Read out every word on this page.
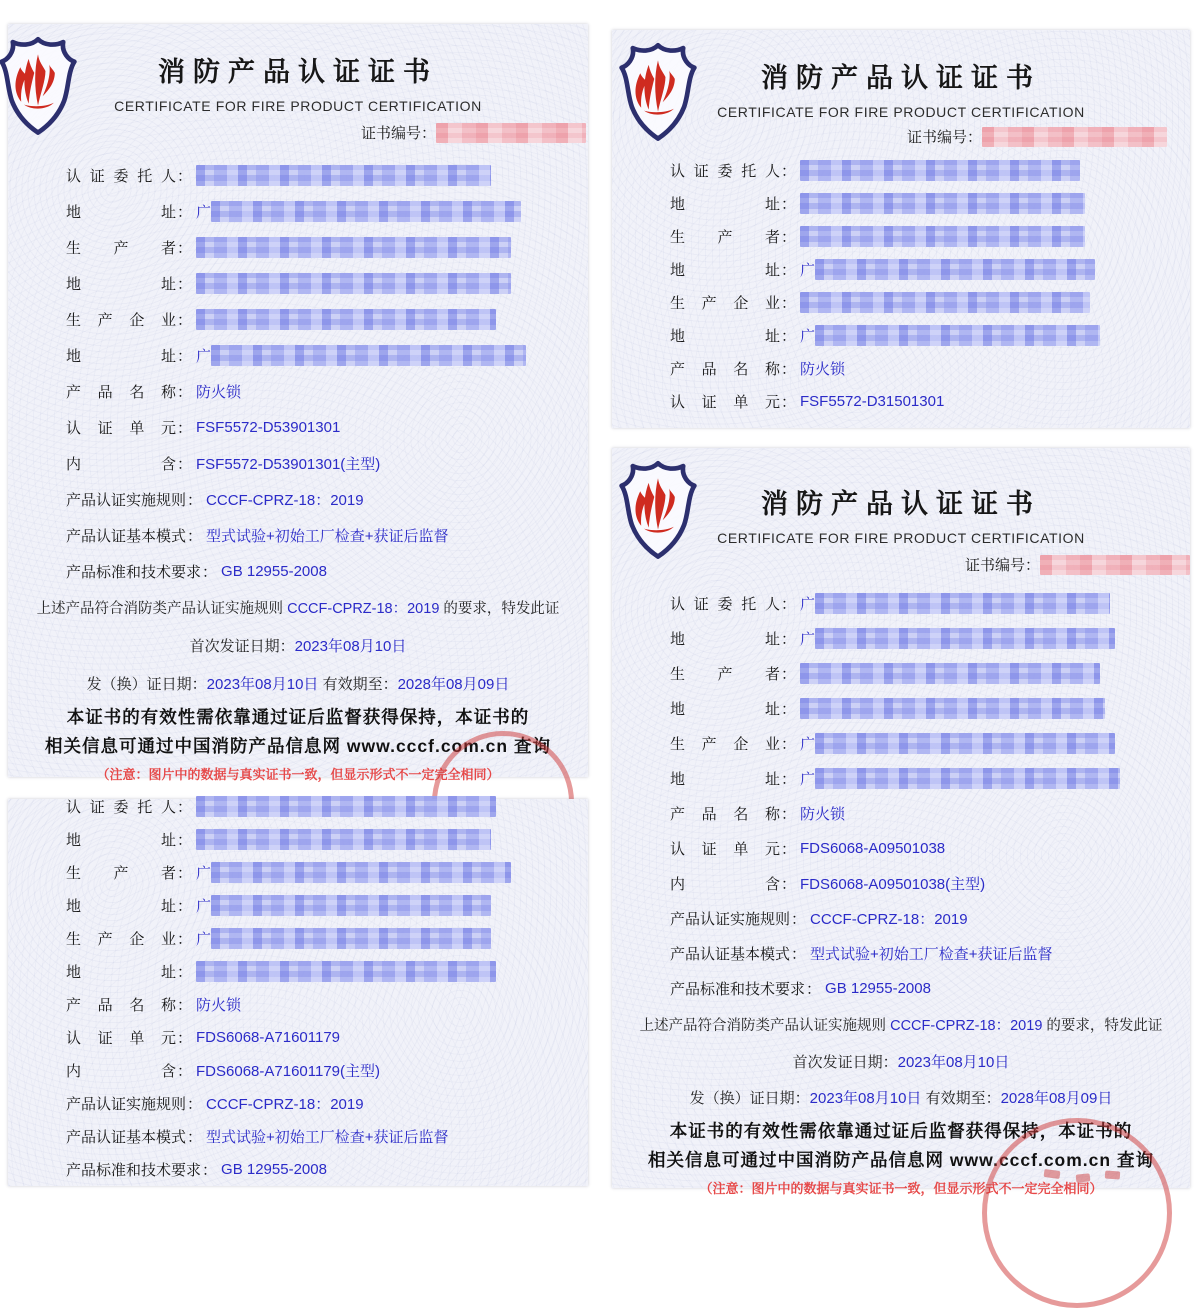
消防产品认证证书
CERTIFICATE FOR FIRE PRODUCT CERTIFICATION
证书编号：
认证委托人 ：
地址 ： 广
生产者 ：
地址 ：
生产企业 ：
地址 ： 广
产品名称 ： 防火锁
认证单元 ： FSF5572-D53901301
内含 ： FSF5572-D53901301(主型)
产品认证实施规则 ： CCCF-CPRZ-18：2019
产品认证基本模式 ： 型式试验+初始工厂检查+获证后监督
产品标准和技术要求 ： GB 12955-2008
上述产品符合消防类产品认证实施规则 CCCF-CPRZ-18：2019 的要求，特发此证
首次发证日期：2023年08月10日
发（换）证日期：2023年08月10日 有效期至：2028年08月09日
本证书的有效性需依靠通过证后监督获得保持，本证书的
相关信息可通过中国消防产品信息网 www.cccf.com.cn 查询
（注意：图片中的数据与真实证书一致，但显示形式不一定完全相同）
消防产品认证证书
CERTIFICATE FOR FIRE PRODUCT CERTIFICATION
证书编号：
认证委托人 ：
地址 ：
生产者 ：
地址 ： 广
生产企业 ：
地址 ： 广
产品名称 ： 防火锁
认证单元 ： FSF5572-D31501301
认证委托人 ：
地址 ：
生产者 ： 广
地址 ： 广
生产企业 ： 广
地址 ：
产品名称 ： 防火锁
认证单元 ： FDS6068-A71601179
内含 ： FDS6068-A71601179(主型)
产品认证实施规则 ： CCCF-CPRZ-18：2019
产品认证基本模式 ： 型式试验+初始工厂检查+获证后监督
产品标准和技术要求 ： GB 12955-2008
消防产品认证证书
CERTIFICATE FOR FIRE PRODUCT CERTIFICATION
证书编号：
认证委托人 ： 广
地址 ： 广
生产者 ：
地址 ：
生产企业 ： 广
地址 ： 广
产品名称 ： 防火锁
认证单元 ： FDS6068-A09501038
内含 ： FDS6068-A09501038(主型)
产品认证实施规则 ： CCCF-CPRZ-18：2019
产品认证基本模式 ： 型式试验+初始工厂检查+获证后监督
产品标准和技术要求 ： GB 12955-2008
上述产品符合消防类产品认证实施规则 CCCF-CPRZ-18：2019 的要求，特发此证
首次发证日期：2023年08月10日
发（换）证日期：2023年08月10日 有效期至：2028年08月09日
本证书的有效性需依靠通过证后监督获得保持，本证书的
相关信息可通过中国消防产品信息网 www.cccf.com.cn 查询
（注意：图片中的数据与真实证书一致，但显示形式不一定完全相同）
